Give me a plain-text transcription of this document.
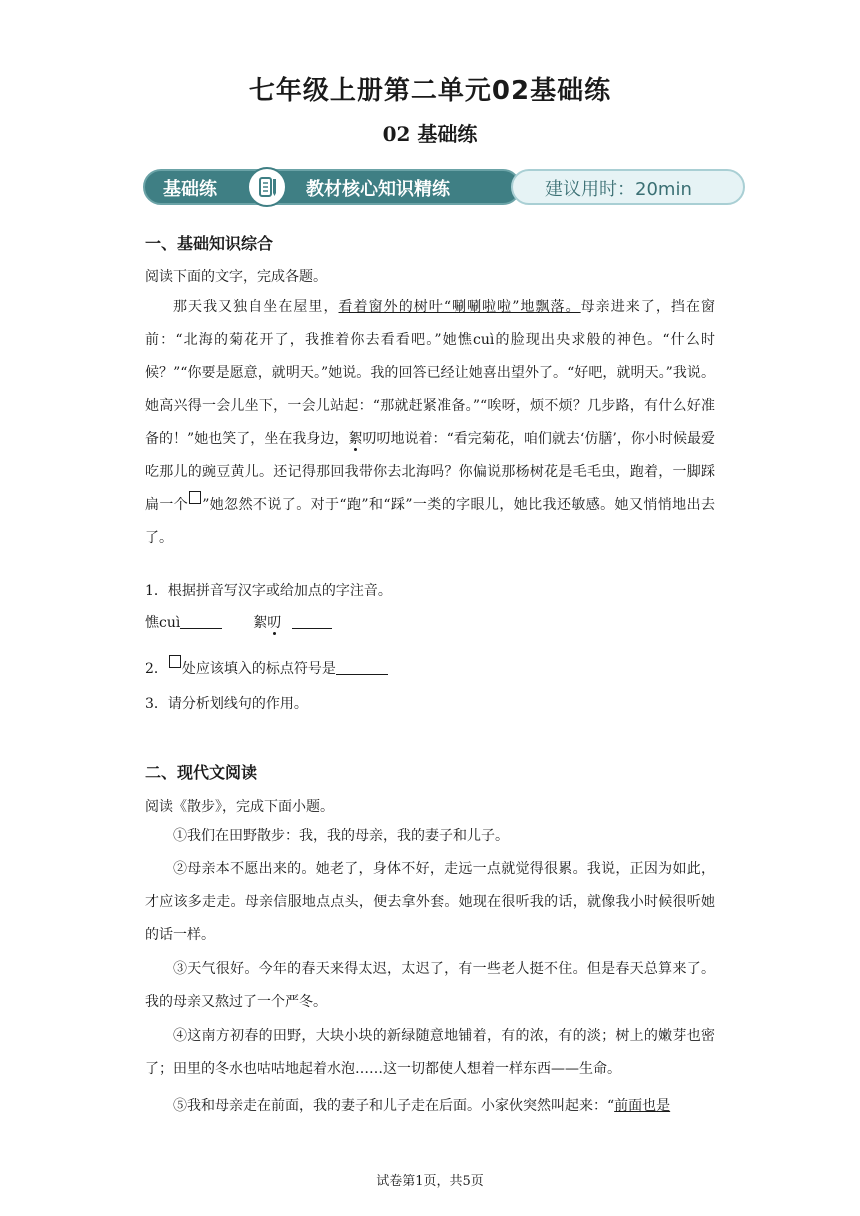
七年级上册第二单元02基础练
02 基础练
基础练	教材核心知识精练	建议用时：20min
一、基础知识综合
阅读下面的文字，完成各题。
那天我又独自坐在屋里，看着窗外的树叶“唰唰啦啦”地飘落。母亲进来了，挡在窗前：“北海的菊花开了，我推着你去看看吧。”她憔cuì的脸现出央求般的神色。“什么时候？”“你要是愿意，就明天。”她说。我的回答已经让她喜出望外了。“好吧，就明天。”我说。她高兴得一会儿坐下，一会儿站起：“那就赶紧准备。”“唉呀，烦不烦？几步路，有什么好准备的！”她也笑了，坐在我身边，絮叨叨地说着：“看完菊花，咱们就去‘仿膳’，你小时候最爱吃那儿的豌豆黄儿。还记得那回我带你去北海吗？你偏说那杨树花是毛毛虫，跑着，一脚踩扁一个 ”她忽然不说了。对于“跑”和“踩”一类的字眼儿，她比我还敏感。她又悄悄地出去了。
1．根据拼音写汉字或给加点的字注音。
憔cuì	絮叨
2． 处应该填入的标点符号是
3．请分析划线句的作用。
二、现代文阅读
阅读《散步》，完成下面小题。
①我们在田野散步：我，我的母亲，我的妻子和儿子。
②母亲本不愿出来的。她老了，身体不好，走远一点就觉得很累。我说，正因为如此，才应该多走走。母亲信服地点点头，便去拿外套。她现在很听我的话，就像我小时候很听她的话一样。
③天气很好。今年的春天来得太迟，太迟了，有一些老人挺不住。但是春天总算来了。我的母亲又熬过了一个严冬。
④这南方初春的田野，大块小块的新绿随意地铺着，有的浓，有的淡；树上的嫩芽也密了；田里的冬水也咕咕地起着水泡……这一切都使人想着一样东西——生命。
⑤我和母亲走在前面，我的妻子和儿子走在后面。小家伙突然叫起来：“前面也是
试卷第1页，共5页
